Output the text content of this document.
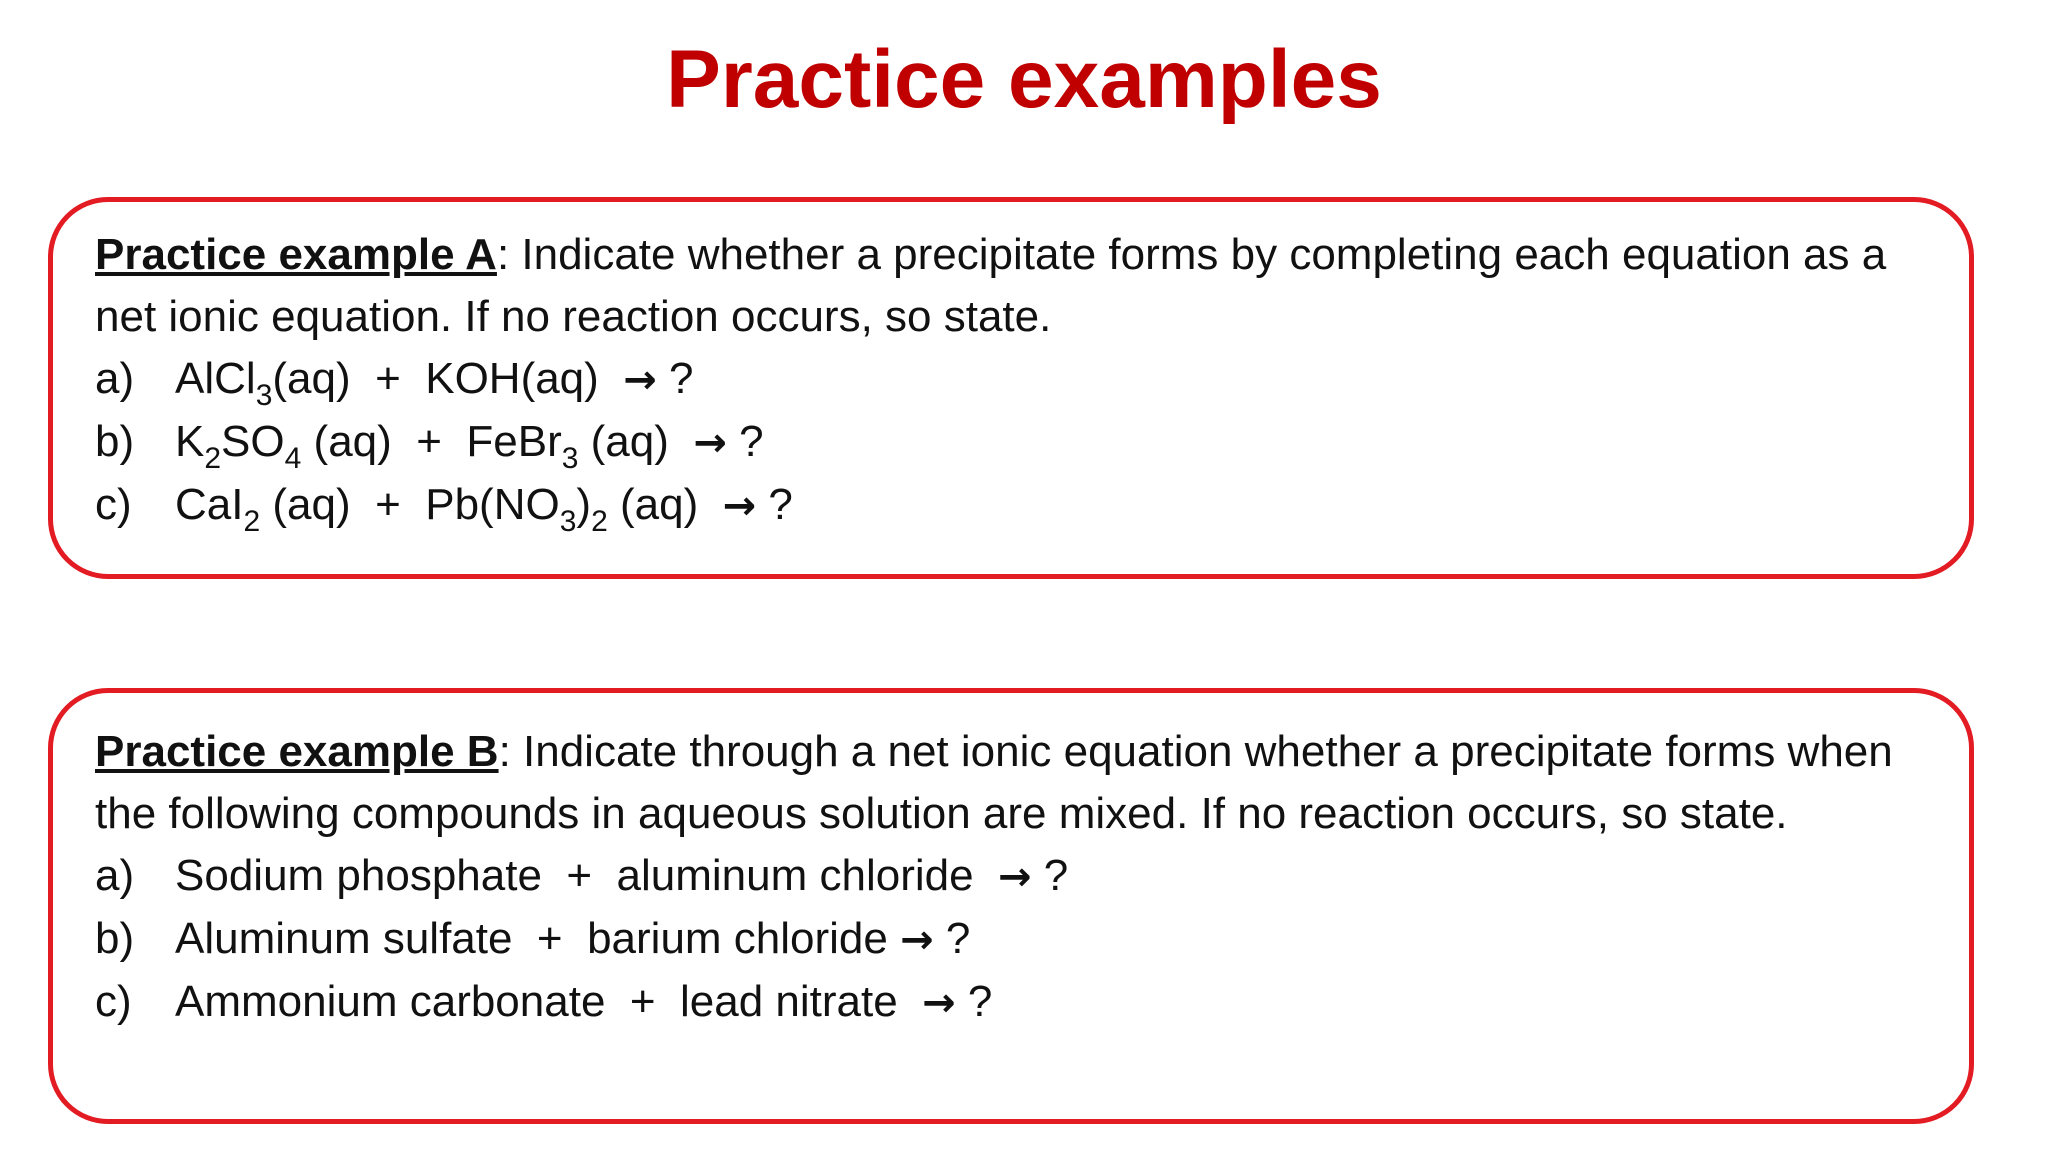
Practice examples

Practice example A: Indicate whether a precipitate forms by completing each equation as a net ionic equation. If no reaction occurs, so state.

a) AlCl$_3$(aq)  +  KOH(aq)  → ?
b) $K_2SO_4$ (aq)  +  FeBr$_3$ (aq)  → ?
c) CaI$_2$ $(aq) + Pb(NO_3)_2$ (aq)  → ?

Practice example B: Indicate through a net ionic equation whether a precipitate forms when the following compounds in aqueous solution are mixed. If no reaction occurs, so state.

a) Sodium phosphate  +  aluminum chloride  → ?
b) Aluminum sulfate  +  barium chloride → ?
c) Ammonium carbonate  +  lead nitrate  → ?
